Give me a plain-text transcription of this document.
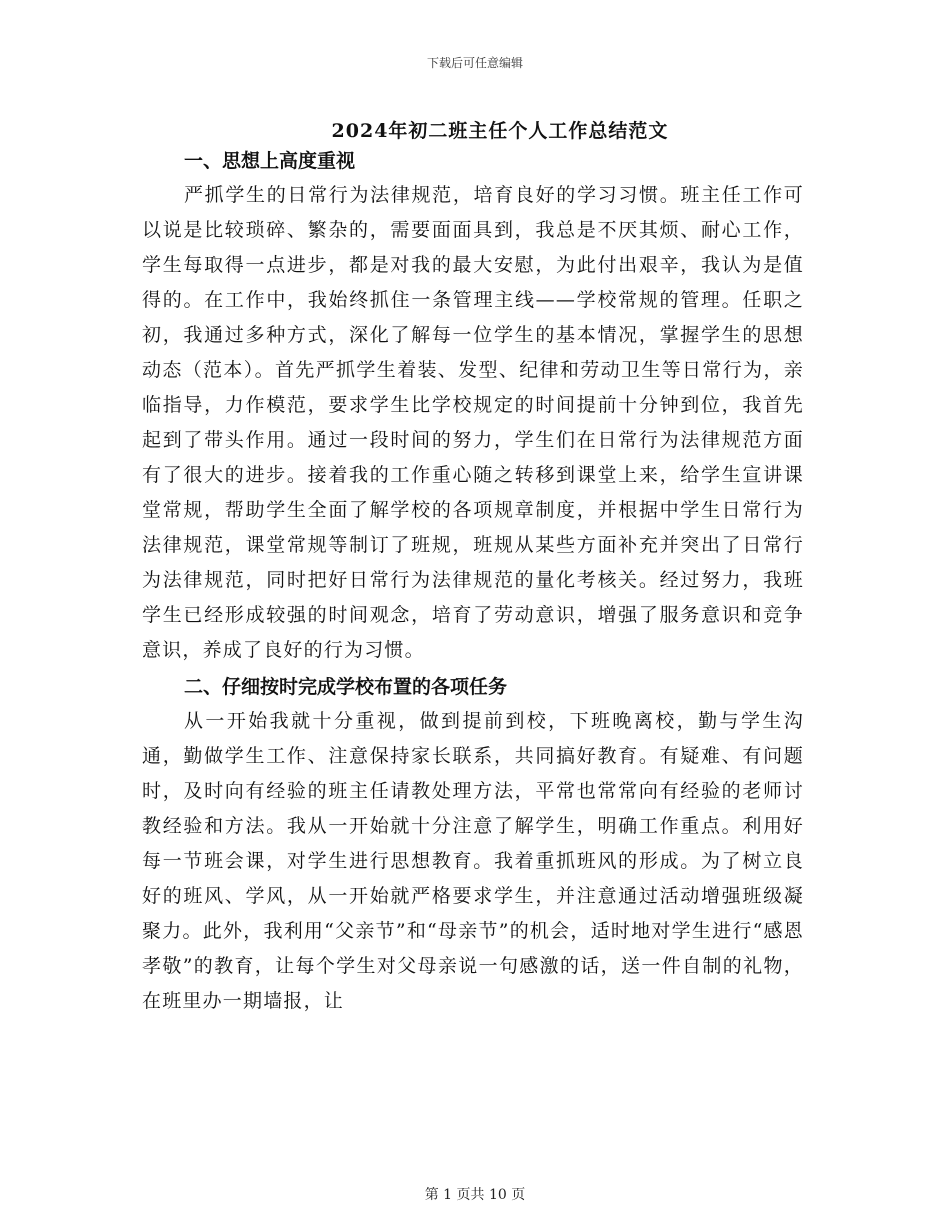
下载后可任意编辑
2024年初二班主任个人工作总结范文
一、思想上高度重视

严抓学生的日常行为法律规范，培育良好的学习习惯。班主任工作可以说是比较琐碎、繁杂的，需要面面具到，我总是不厌其烦、耐心工作，学生每取得一点进步，都是对我的最大安慰，为此付出艰辛，我认为是值得的。在工作中，我始终抓住一条管理主线——学校常规的管理。任职之初，我通过多种方式，深化了解每一位学生的基本情况，掌握学生的思想动态（范本）。首先严抓学生着装、发型、纪律和劳动卫生等日常行为，亲临指导，力作模范，要求学生比学校规定的时间提前十分钟到位，我首先起到了带头作用。通过一段时间的努力，学生们在日常行为法律规范方面有了很大的进步。接着我的工作重心随之转移到课堂上来，给学生宣讲课堂常规，帮助学生全面了解学校的各项规章制度，并根据中学生日常行为法律规范，课堂常规等制订了班规，班规从某些方面补充并突出了日常行为法律规范，同时把好日常行为法律规范的量化考核关。经过努力，我班学生已经形成较强的时间观念，培育了劳动意识，增强了服务意识和竞争意识，养成了良好的行为习惯。

二、仔细按时完成学校布置的各项任务

从一开始我就十分重视，做到提前到校，下班晚离校，勤与学生沟通，勤做学生工作、注意保持家长联系，共同搞好教育。有疑难、有问题时，及时向有经验的班主任请教处理方法，平常也常常向有经验的老师讨教经验和方法。我从一开始就十分注意了解学生，明确工作重点。利用好每一节班会课，对学生进行思想教育。我着重抓班风的形成。为了树立良好的班风、学风，从一开始就严格要求学生，并注意通过活动增强班级凝聚力。此外，我利用“父亲节”和“母亲节”的机会，适时地对学生进行“感恩孝敬”的教育，让每个学生对父母亲说一句感激的话，送一件自制的礼物，在班里办一期墙报，让

第 1 页共 10 页
